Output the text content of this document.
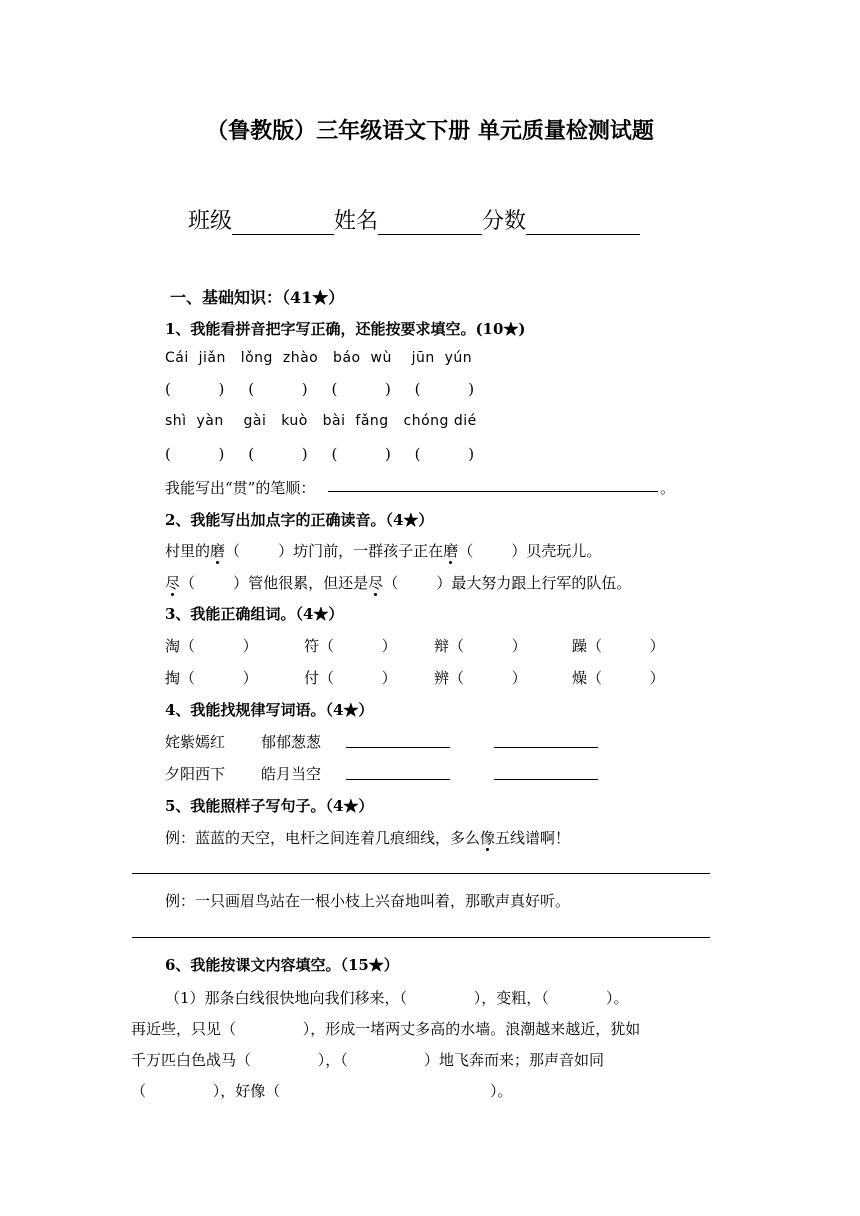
（鲁教版）三年级语文下册 单元质量检测试题
班级	姓名	分数
一、基础知识：（41★）
1、我能看拼音把字写正确，还能按要求填空。(10★)
Cái  jiǎn   lǒng  zhào   báo  wù    jūn  yún
(          )     (          )     (          )     (          )
shì  yàn    gài   kuò   bài  fǎng   chóng dié
(          )     (          )     (          )     (          )
我能写出“贯”的笔顺：	。
2、我能写出加点字的正确读音。（4★）
村里的磨（        ）坊门前，一群孩子正在磨（        ）贝壳玩儿。
尽（        ）管他很累，但还是尽（        ）最大努力跟上行军的队伍。
3、我能正确组词。（4★）
淘（          ）	符（          ） 辩（          ）	躁（          ）
掏（          ）	付（          ） 辨（          ）	燥（          ）
4、我能找规律写词语。（4★）
姹紫嫣红 郁郁葱葱
夕阳西下 皓月当空
5、我能照样子写句子。（4★）
例：蓝蓝的天空，电杆之间连着几痕细线，多么像五线谱啊！
例：一只画眉鸟站在一根小枝上兴奋地叫着，那歌声真好听。
6、我能按课文内容填空。（15★）
（1）那条白线很快地向我们移来，（              ），变粗，（            ）。
再近些，只见（              ），形成一堵两丈多高的水墙。浪潮越来越近，犹如
千万匹白色战马（              ），（                ）地飞奔而来；那声音如同
（              ），好像（                                            ）。
